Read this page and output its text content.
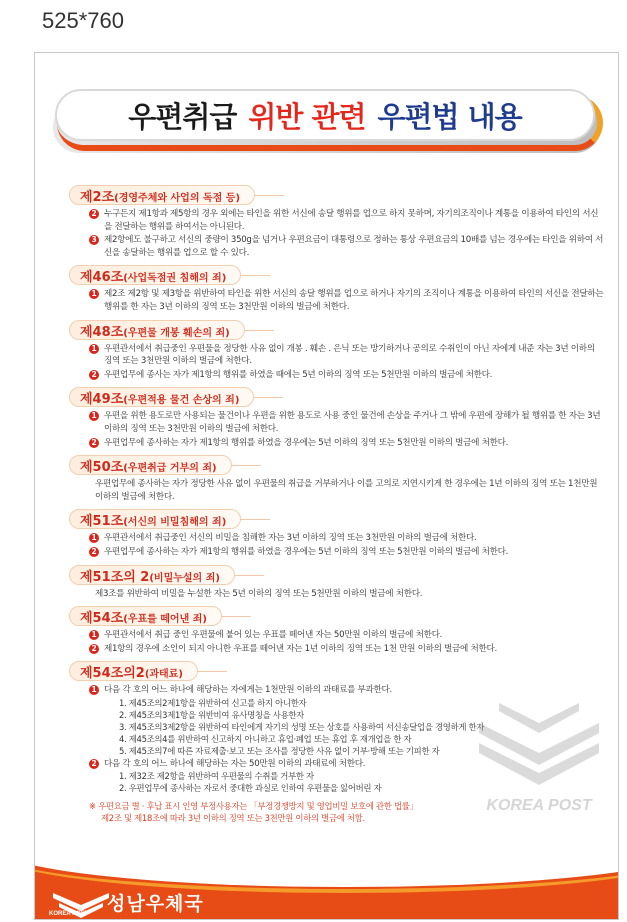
525*760
우편취급 위반 관련 우편법 내용
제2조(경영주체와 사업의 독점 등)
2 누구든지 제1항과 제5항의 경우 외에는 타인을 위한 서신에 송달 행위를 업으로 하지 못하며, 자기의조직이나 계통을 이용하여 타인의 서신을 전달하는 행위를 하여서는 아니된다.
3 제2항에도 불구하고 서신의 중량이 350g을 넘거나 우편요금이 대통령으로 정하는 통상 우편요금의 10배를 넘는 경우에는 타인을 위하여 서신을 송달하는 행위를 업으로 할 수 있다.
제46조(사업독점권 침해의 죄)
1 제2조 제2항 및 제3항을 위반하여 타인을 위한 서신의 송달 행위를 업으로 하거나 자기의 조직이나 계통을 이용하여 타인의 서신을 전달하는 행위를 한 자는 3년 이하의 징역 또는 3천만원 이하의 벌금에 처한다.
제48조(우편물 개봉 훼손의 죄)
1 우편관서에서 취급중인 우편물을 정당한 사유 없이 개봉 . 훼손 . 은닉 또는 방기하거나 공의로 수취인이 아닌 자에게 내준 자는 3년 이하의 징역 또는 3천만원 이하의 벌금에 처한다.
2 우편업무에 종사는 자가 제1항의 행위를 하였을 때에는 5년 이하의 징역 또는 5천만원 이하의 벌금에 처한다.
제49조(우편적용 물건 손상의 죄)
1 우편을 위한 용도로만 사용되는 물건이나 우편을 위한 용도로 사용 중인 물건에 손상을 주거나 그 밖에 우편에 장해가 될 행위를 한 자는 3년 이하의 징역 또는 3천만원 이하의 벌금에 처한다.
2 우편업무에 종사하는 자가 제1항의 행위를 하였을 경우에는 5년 이하의 징역 또는 5천만원 이하의 벌금에 처한다.
제50조(우편취급 거부의 죄)
우편업무에 종사하는 자가 정당한 사유 없이 우편물의 취급을 거부하거나 이를 고의로 지연시키게 한 경우에는 1년 이하의 징역 또는 1천만원 이하의 벌금에 처한다.
제51조(서신의 비밀침해의 죄)
1 우편관서에서 취급중인 서신의 비밀을 침해한 자는 3년 이하의 징역 또는 3천만원 이하의 벌금에 처한다.
2 우편업무에 종사하는 자가 제1항의 행위를 하였을 경우에는 5년 이하의 징역 또는 5천만원 이하의 벌금에 처한다.
제51조의 2(비밀누설의 죄)
제3조를 위반하여 비밀을 누설한 자는 5년 이하의 징역 또는 5천만원 이하의 벌금에 처한다.
제54조(우표를 떼어낸 죄)
1 우편관서에서 취급 중인 우편물에 붙어 있는 우표를 떼어낸 자는 50만원 이하의 벌금에 처한다.
2 제1항의 경우에 소인이 되지 아니한 우표를 떼어낸 자는 1년 이하의 징역 또는 1천 만원 이하의 벌금에 처한다.
제54조의2(과태료)
1 다음 각 호의 어느 하나에 해당하는 자에게는 1천만원 이하의 과태료를 부과한다.
1. 제45조의2제1항을 위반하여 신고를 하지 아니한자
2. 제45조의3제1항을 위반비여 유사명칭을 사용한자
3. 제45조의3제2항을 위반하여 타인에게 자기의 성명 또는 상호를 사용하여 서신송달업을 경영하게 한자
4. 제45조의4를 위반하여 신고하지 아니하고 휴업·폐업 또는 휴업 후 재개업을 한 자
5. 제45조의7에 따른 자료제출·보고 또는 조사를 정당한 사유 없이 거부·방해 또는 기피한 자
2 다음 각 호의 어느 하나에 해당하는 자는 50만원 이하의 과태료에 처한다.
1. 제32조 제2항을 위반하여 우편물의 수취를 거부한 자
2. 우편업무에 종사하는 자로서 중대한 과실로 인하여 우편물을 잃어버린 자
※ 우편요금 별 · 후납 표시 인영 부정사용자는 「부정경쟁방지 및 영업비밀 보호에 관한 법률」
제2조 및 제18조에 따라 3년 이하의 징역 또는 3천만원 이하의 벌금에 처함.
KOREA POST
KOREA POST 성남우체국
